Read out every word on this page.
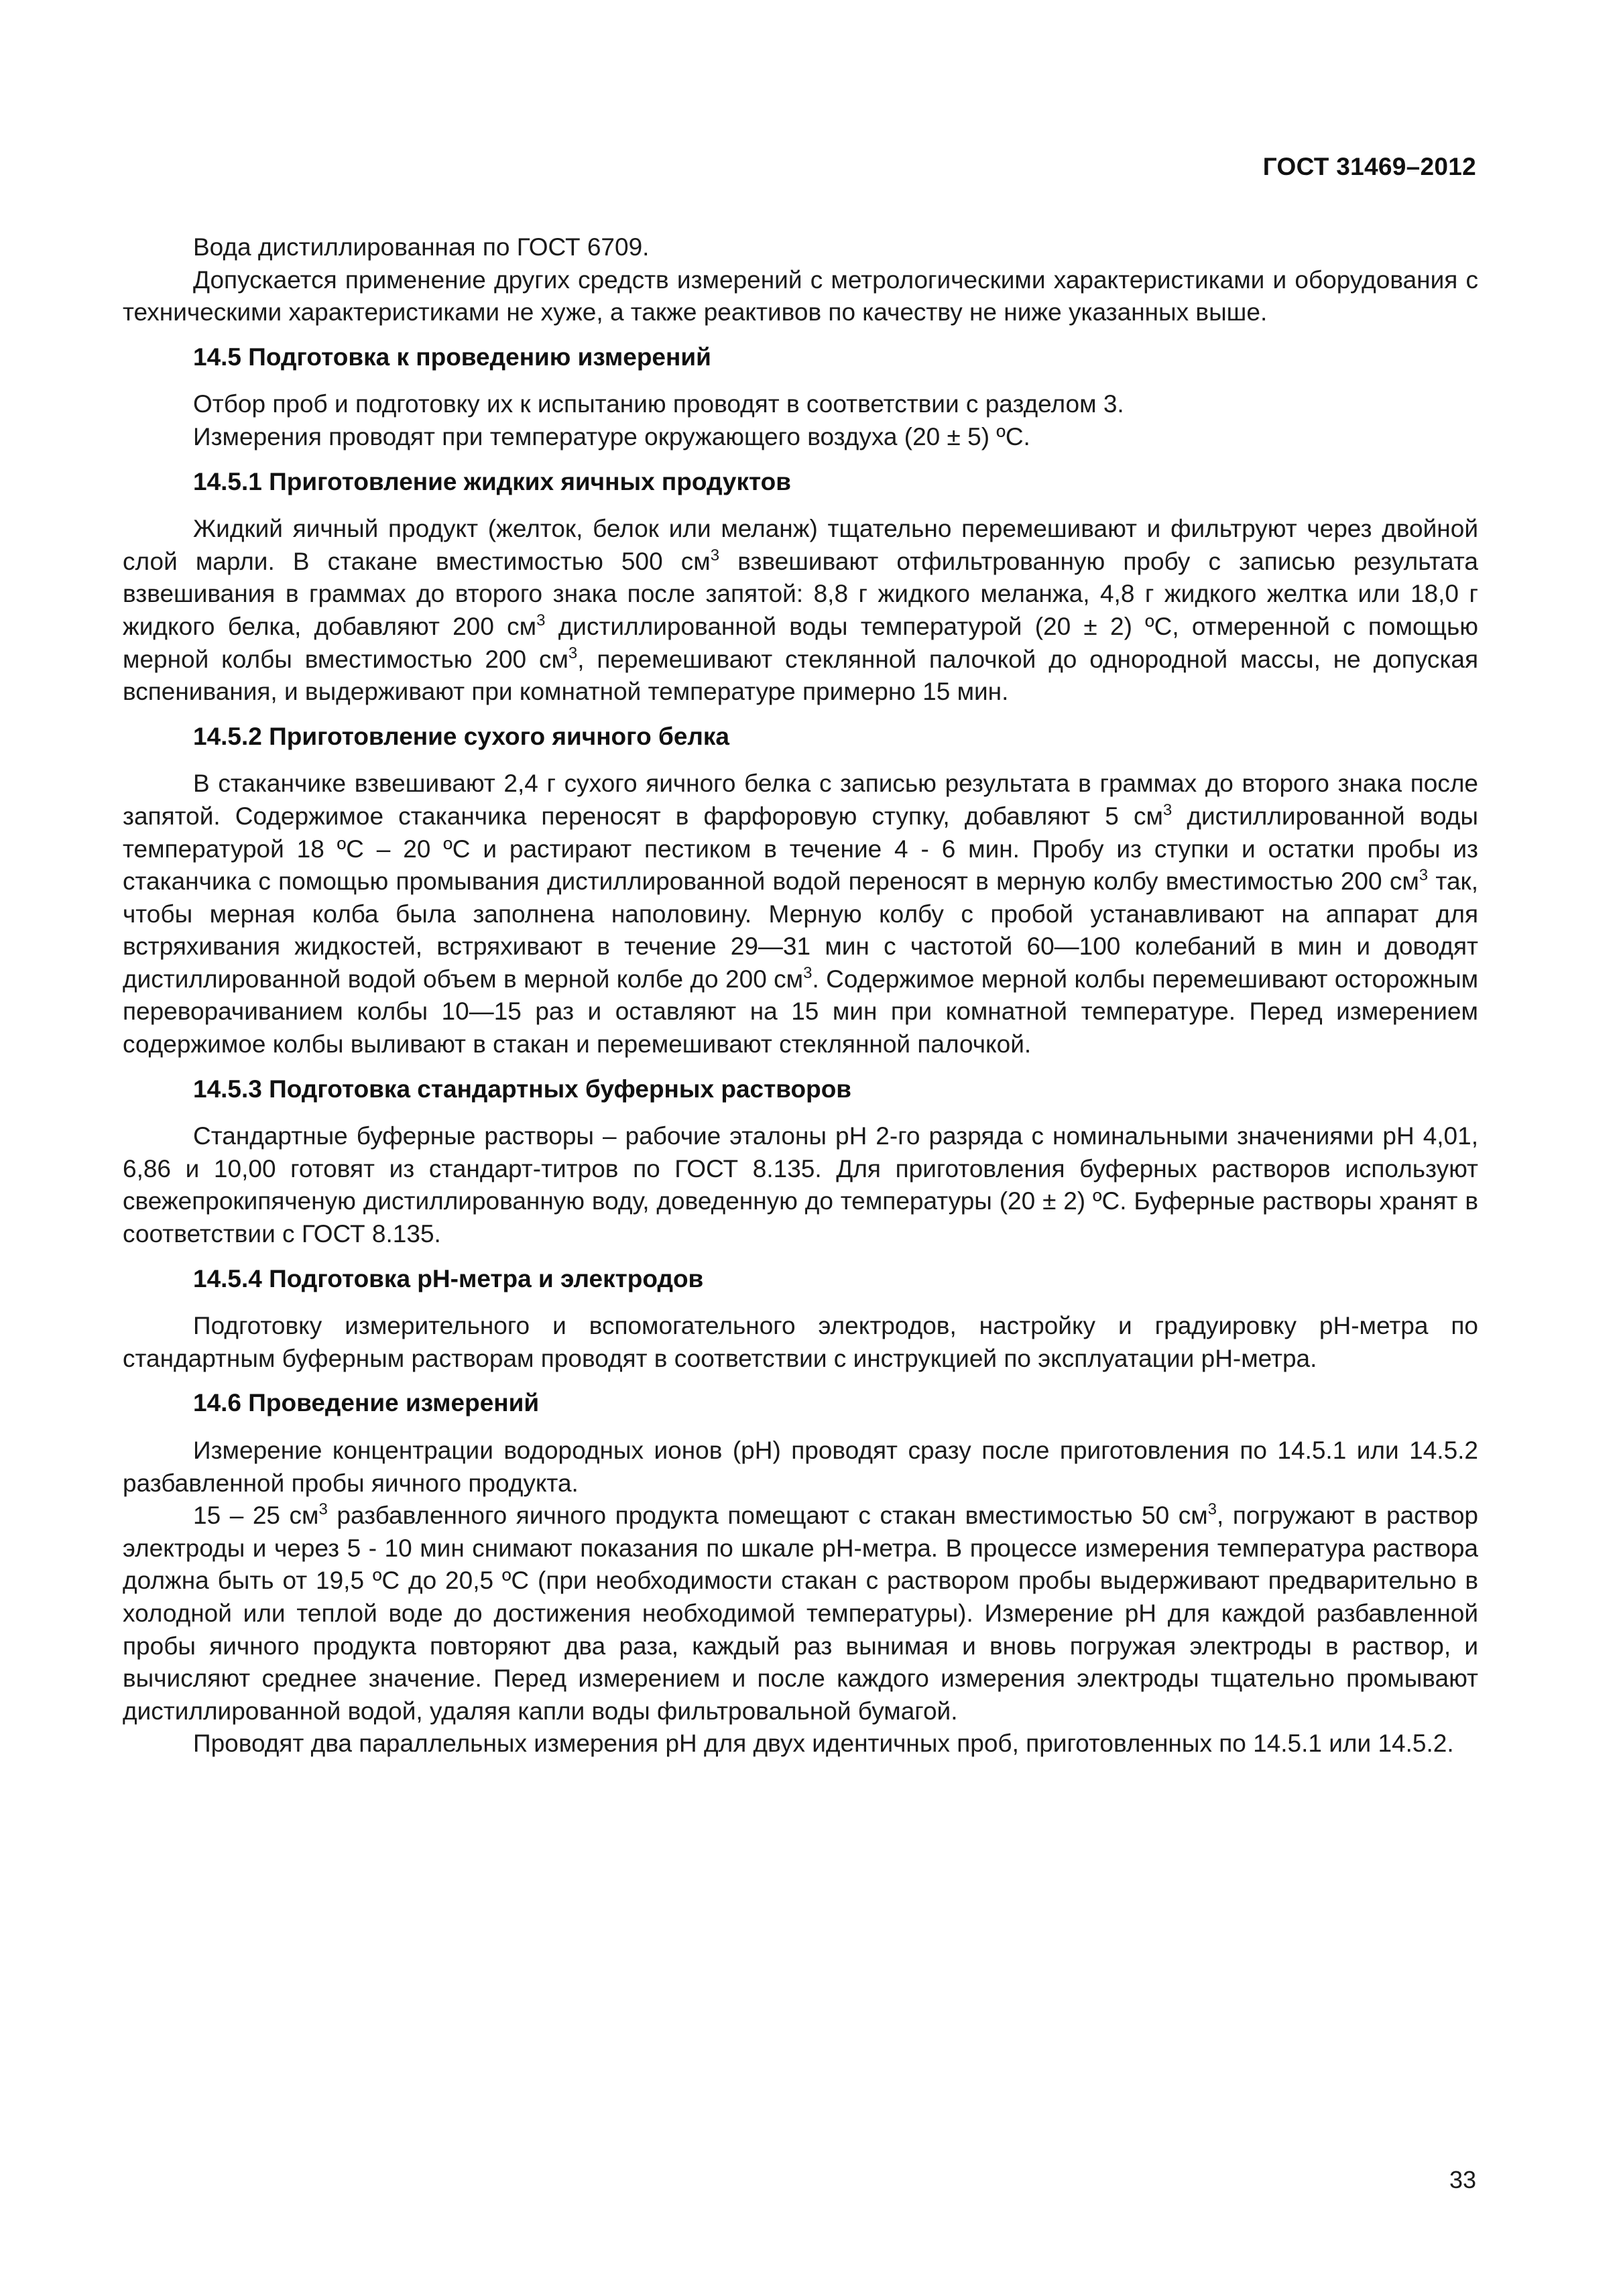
ГОСТ 31469–2012

Вода дистиллированная по ГОСТ 6709.

Допускается применение других средств измерений с метрологическими характеристиками и оборудования с техническими характеристиками не хуже, а также реактивов по качеству не ниже указанных выше.

14.5 Подготовка к проведению измерений

Отбор проб и подготовку их к испытанию проводят в соответствии с разделом 3.

Измерения проводят при температуре окружающего воздуха (20 ± 5) ºС.

14.5.1 Приготовление жидких яичных продуктов

Жидкий яичный продукт (желток, белок или меланж) тщательно перемешивают и фильтруют через двойной слой марли. В стакане вместимостью 500 $см^3$ взвешивают отфильтрованную пробу с записью результата взвешивания в граммах до второго знака после запятой: 8,8 г жидкого меланжа, 4,8 г жидкого желтка или 18,0 г жидкого белка, добавляют 200 $см^3$ дистиллированной воды температурой (20 ± 2) ºС, отмеренной с помощью мерной колбы вместимостью 200 $см^3$, перемешивают стеклянной палочкой до однородной массы, не допуская вспенивания, и выдерживают при комнатной температуре примерно 15 мин.

14.5.2 Приготовление сухого яичного белка

В стаканчике взвешивают 2,4 г сухого яичного белка с записью результата в граммах до второго знака после запятой. Содержимое стаканчика переносят в фарфоровую ступку, добавляют 5 $см^3$ дистиллированной воды температурой 18 ºС – 20 ºС и растирают пестиком в течение 4 - 6 мин. Пробу из ступки и остатки пробы из стаканчика с помощью промывания дистиллированной водой переносят в мерную колбу вместимостью 200 $см^3$ так, чтобы мерная колба была заполнена наполовину. Мерную колбу с пробой устанавливают на аппарат для встряхивания жидкостей, встряхивают в течение 29—31 мин с частотой 60—100 колебаний в мин и доводят дистиллированной водой объем в мерной колбе до 200 $см^3$. Содержимое мерной колбы перемешивают осторожным переворачиванием колбы 10—15 раз и оставляют на 15 мин при комнатной температуре. Перед измерением содержимое колбы выливают в стакан и перемешивают стеклянной палочкой.

14.5.3 Подготовка стандартных буферных растворов

Стандартные буферные растворы – рабочие эталоны рН 2-го разряда с номинальными значениями рН 4,01, 6,86 и 10,00 готовят из стандарт-титров по ГОСТ 8.135. Для приготовления буферных растворов используют свежепрокипяченую дистиллированную воду, доведенную до температуры (20 ± 2) ºС. Буферные растворы хранят в соответствии с ГОСТ 8.135.

14.5.4 Подготовка рН-метра и электродов

Подготовку измерительного и вспомогательного электродов, настройку и градуировку рН-метра по стандартным буферным растворам проводят в соответствии с инструкцией по эксплуатации рН-метра.

14.6 Проведение измерений

Измерение концентрации водородных ионов (рН) проводят сразу после приготовления по 14.5.1 или 14.5.2 разбавленной пробы яичного продукта.

15 – 25 $см^3$ разбавленного яичного продукта помещают с стакан вместимостью 50 $см^3$, погружают в раствор электроды и через 5 - 10 мин снимают показания по шкале рН-метра. В процессе измерения температура раствора должна быть от 19,5 ºС до 20,5 ºС (при необходимости стакан с раствором пробы выдерживают предварительно в холодной или теплой воде до достижения необходимой температуры). Измерение рН для каждой разбавленной пробы яичного продукта повторяют два раза, каждый раз вынимая и вновь погружая электроды в раствор, и вычисляют среднее значение. Перед измерением и после каждого измерения электроды тщательно промывают дистиллированной водой, удаляя капли воды фильтровальной бумагой.

Проводят два параллельных измерения рН для двух идентичных проб, приготовленных по 14.5.1 или 14.5.2.

33
